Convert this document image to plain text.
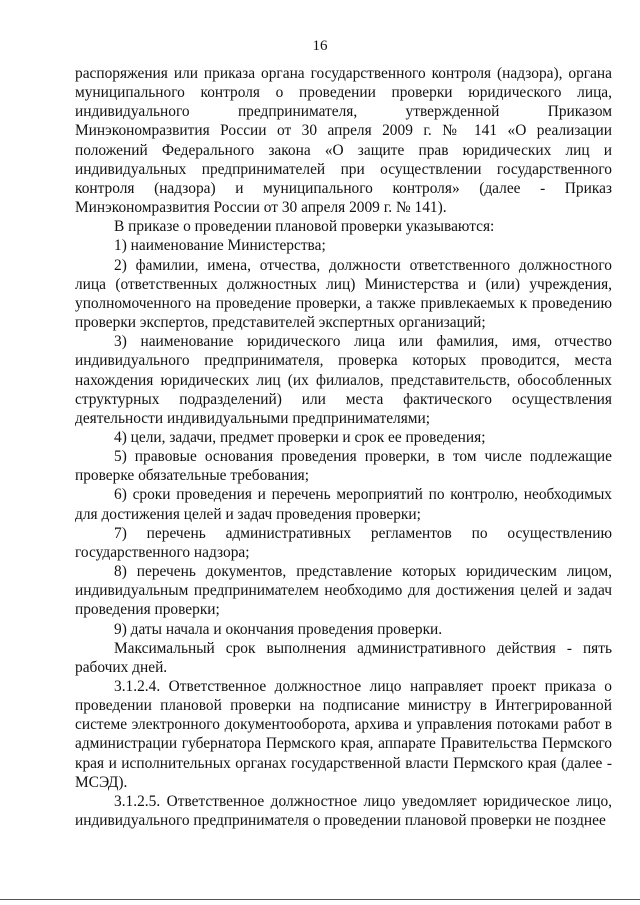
16

распоряжения или приказа органа государственного контроля (надзора), органа муниципального контроля о проведении проверки юридического лица, индивидуального предпринимателя, утвержденной Приказом Минэкономразвития России от 30 апреля 2009 г. № 141 «О реализации положений Федерального закона «О защите прав юридических лиц и индивидуальных предпринимателей при осуществлении государственного контроля (надзора) и муниципального контроля» (далее - Приказ Минэкономразвития России от 30 апреля 2009 г. № 141).

В приказе о проведении плановой проверки указываются:

1) наименование Министерства;

2) фамилии, имена, отчества, должности ответственного должностного лица (ответственных должностных лиц) Министерства и (или) учреждения, уполномоченного на проведение проверки, а также привлекаемых к проведению проверки экспертов, представителей экспертных организаций;

3) наименование юридического лица или фамилия, имя, отчество индивидуального предпринимателя, проверка которых проводится, места нахождения юридических лиц (их филиалов, представительств, обособленных структурных подразделений) или места фактического осуществления деятельности индивидуальными предпринимателями;

4) цели, задачи, предмет проверки и срок ее проведения;

5) правовые основания проведения проверки, в том числе подлежащие проверке обязательные требования;

6) сроки проведения и перечень мероприятий по контролю, необходимых для достижения целей и задач проведения проверки;

7) перечень административных регламентов по осуществлению государственного надзора;

8) перечень документов, представление которых юридическим лицом, индивидуальным предпринимателем необходимо для достижения целей и задач проведения проверки;

9) даты начала и окончания проведения проверки.

Максимальный срок выполнения административного действия - пять рабочих дней.

3.1.2.4. Ответственное должностное лицо направляет проект приказа о проведении плановой проверки на подписание министру в Интегрированной системе электронного документооборота, архива и управления потоками работ в администрации губернатора Пермского края, аппарате Правительства Пермского края и исполнительных органах государственной власти Пермского края (далее - МСЭД).

3.1.2.5. Ответственное должностное лицо уведомляет юридическое лицо, индивидуального предпринимателя о проведении плановой проверки не позднее
